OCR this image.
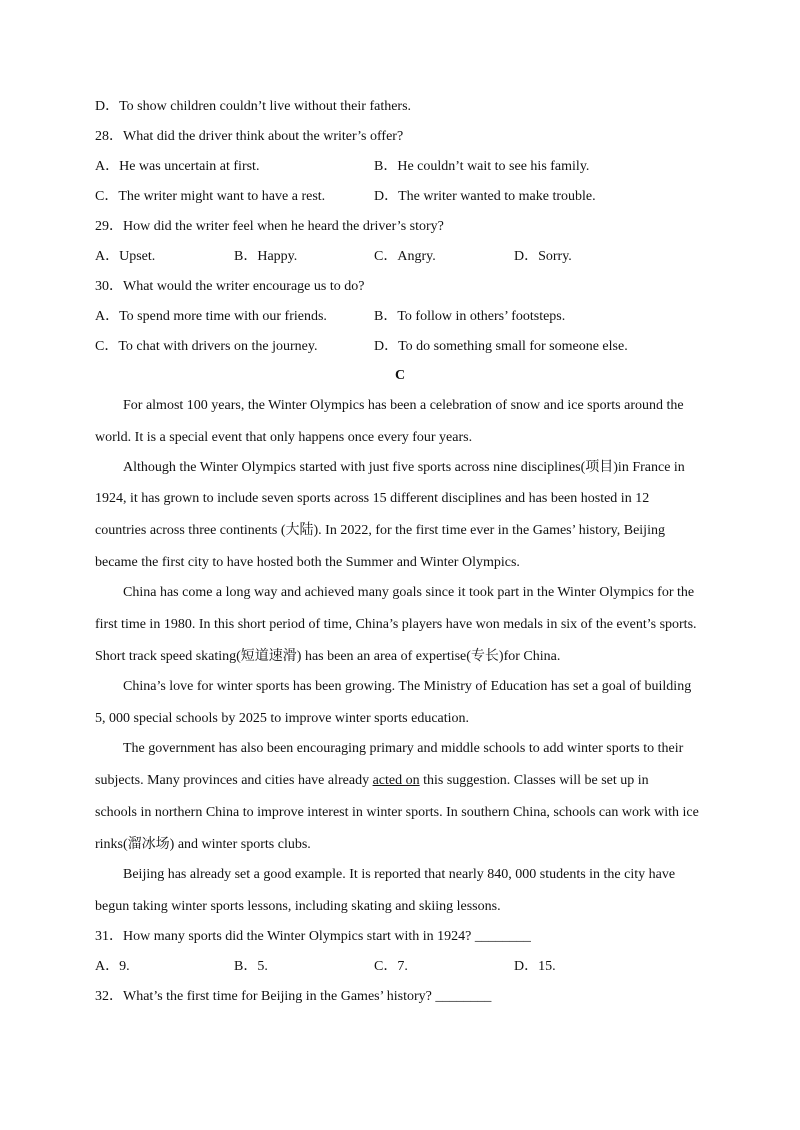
D．To show children couldn’t live without their fathers.
28．What did the driver think about the writer’s offer?
A．He was uncertain at first.	B．He couldn’t wait to see his family.
C．The writer might want to have a rest.	D．The writer wanted to make trouble.
29．How did the writer feel when he heard the driver’s story?
A．Upset.	B．Happy.	C．Angry.	D．Sorry.
30．What would the writer encourage us to do?
A．To spend more time with our friends.	B．To follow in others’ footsteps.
C．To chat with drivers on the journey.	D．To do something small for someone else.
C
For almost 100 years, the Winter Olympics has been a celebration of snow and ice sports around the
world. It is a special event that only happens once every four years.
Although the Winter Olympics started with just five sports across nine disciplines(项目)in France in
1924, it has grown to include seven sports across 15 different disciplines and has been hosted in 12
countries across three continents (大陆). In 2022, for the first time ever in the Games’ history, Beijing
became the first city to have hosted both the Summer and Winter Olympics.
China has come a long way and achieved many goals since it took part in the Winter Olympics for the
first time in 1980. In this short period of time, China’s players have won medals in six of the event’s sports.
Short track speed skating(短道速滑) has been an area of expertise(专长)for China.
China’s love for winter sports has been growing. The Ministry of Education has set a goal of building
5, 000 special schools by 2025 to improve winter sports education.
The government has also been encouraging primary and middle schools to add winter sports to their
subjects. Many provinces and cities have already acted on this suggestion. Classes will be set up in
schools in northern China to improve interest in winter sports. In southern China, schools can work with ice
rinks(溜冰场) and winter sports clubs.
Beijing has already set a good example. It is reported that nearly 840, 000 students in the city have
begun taking winter sports lessons, including skating and skiing lessons.
31．How many sports did the Winter Olympics start with in 1924? ________
A．9.	B．5.	C．7.	D．15.
32．What’s the first time for Beijing in the Games’ history? ________
